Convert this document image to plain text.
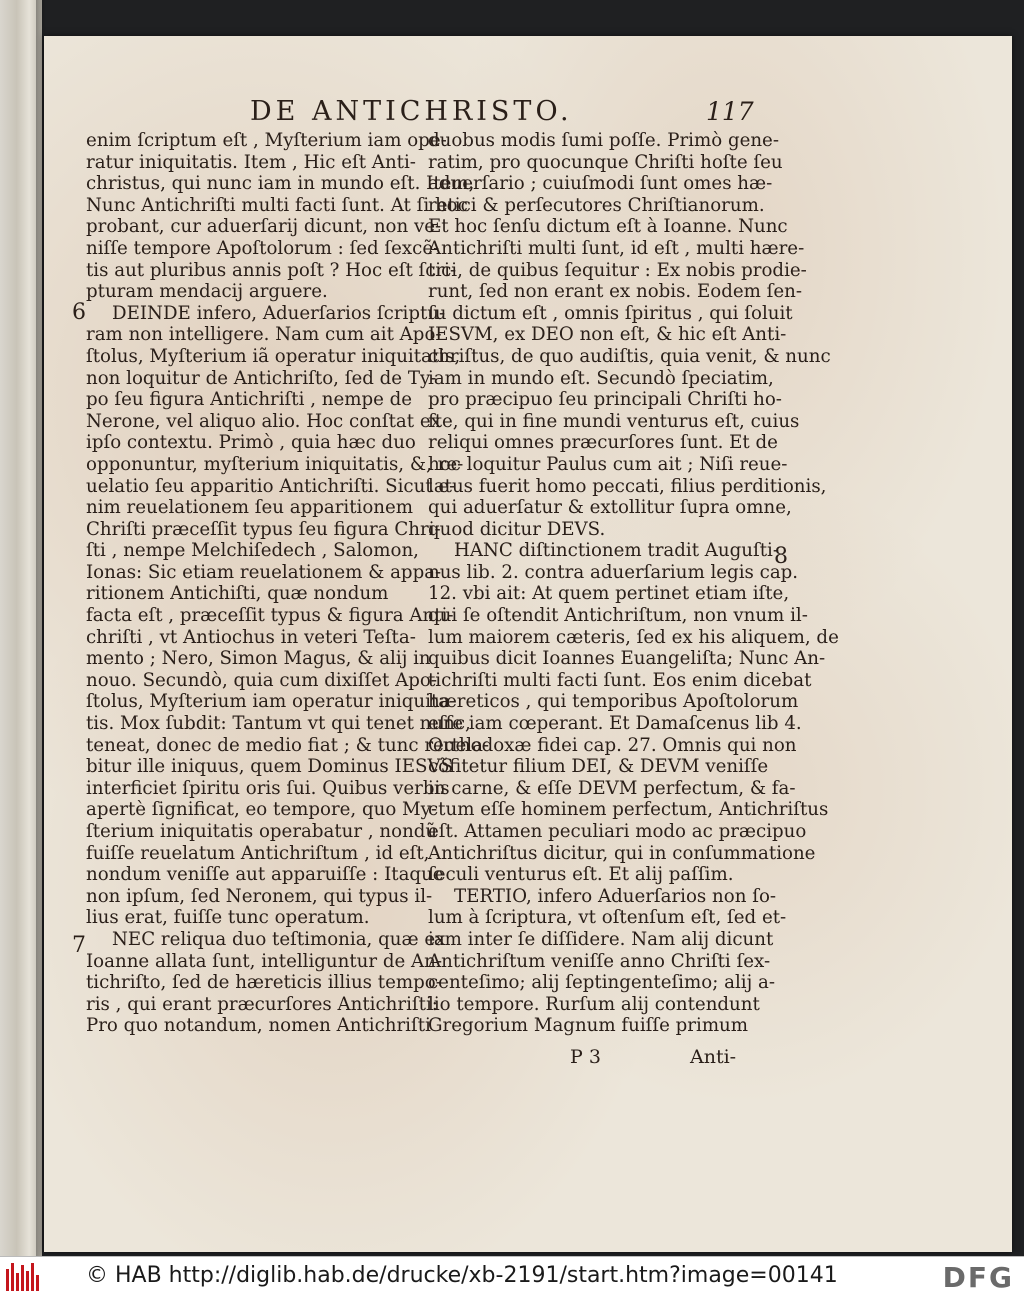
DE ANTICHRISTO.	117
enim ſcriptum eſt , Myſterium iam ope-
ratur iniquitatis. Item , Hic eſt Anti-
christus, qui nunc iam in mundo eſt. Item,
Nunc Antichriſti multi facti ſunt. At ſi hoc
probant, cur aduerſarij dicunt, non ve-
niſſe tempore Apoſtolorum : ſed ſexcẽ-
tis aut pluribus annis poſt ? Hoc eſt ſcri-
pturam mendacij arguere.
DEINDE infero, Aduerſarios ſcriptu-
ram non intelligere. Nam cum ait Apo-
ſtolus, Myſterium iã operatur iniquitatis,
non loquitur de Antichriſto, ſed de Ty-
po ſeu figura Antichriſti , nempe de
Nerone, vel aliquo alio. Hoc conſtat ex
ipſo contextu. Primò , quia hæc duo
opponuntur, myſterium iniquitatis, &, re-
uelatio ſeu apparitio Antichriſti. Sicut e-
nim reuelationem ſeu apparitionem
Chriſti præceſſit typus ſeu figura Chri-
ſti , nempe Melchiſedech , Salomon,
Ionas: Sic etiam reuelationem & appa-
ritionem Antichiſti, quæ nondum
facta eſt , præceſſit typus & figura Anti-
chriſti , vt Antiochus in veteri Teſta-
mento ; Nero, Simon Magus, & alij in
nouo. Secundò, quia cum dixiſſet Apo-
ſtolus, Myſterium iam operatur iniquita-
tis. Mox ſubdit: Tantum vt qui tenet nunc,
teneat, donec de medio fiat ; & tunc reuela-
bitur ille iniquus, quem Dominus IESVS
interficiet ſpiritu oris ſui. Quibus verbis
apertè ſignificat, eo tempore, quo My-
ſterium iniquitatis operabatur , nondũ
fuiſſe reuelatum Antichriſtum , id eſt,
nondum veniſſe aut apparuiſſe : Itaque
non ipſum, ſed Neronem, qui typus il-
lius erat, fuiſſe tunc operatum.
NEC reliqua duo teſtimonia, quæ ex
Ioanne allata ſunt, intelliguntur de An-
tichriſto, ſed de hæreticis illius tempo-
ris , qui erant præcurſores Antichriſti:
Pro quo notandum, nomen Antichriſti
duobus modis ſumi poſſe. Primò gene-
ratim, pro quocunque Chriſti hoſte ſeu
aduerſario ; cuiuſmodi ſunt omes hæ-
retici & perſecutores Chriſtianorum.
Et hoc ſenſu dictum eſt à Ioanne. Nunc
Antichriſti multi ſunt, id eſt , multi hære-
tici, de quibus ſequitur : Ex nobis prodie-
runt, ſed non erant ex nobis. Eodem ſen-
ſu dictum eſt , omnis ſpiritus , qui ſoluit
IESVM, ex DEO non eſt, & hic eſt Anti-
chriſtus, de quo audiſtis, quia venit, & nunc
iam in mundo eſt. Secundò ſpeciatim,
pro præcipuo ſeu principali Chriſti ho-
ſte, qui in fine mundi venturus eſt, cuius
reliqui omnes præcurſores ſunt. Et de
hoc loquitur Paulus cum ait ; Niſi reue-
latus fuerit homo peccati, filius perditionis,
qui aduerſatur & extollitur ſupra omne,
quod dicitur DEVS.
HANC diſtinctionem tradit Auguſti-
nus lib. 2. contra aduerſarium legis cap.
12. vbi ait: At quem pertinet etiam iſte,
qui ſe oſtendit Antichriſtum, non vnum il-
lum maiorem cæteris, ſed ex his aliquem, de
quibus dicit Ioannes Euangeliſta; Nunc An-
tichriſti multi facti ſunt. Eos enim dicebat
hæreticos , qui temporibus Apoſtolorum
eſſe iam cœperant. Et Damaſcenus lib 4.
Orthodoxæ fidei cap. 27. Omnis qui non
cõfitetur filium DEI, & DEVM veniſſe
in carne, & eſſe DEVM perfectum, & fa-
ctum eſſe hominem perfectum, Antichriſtus
eſt. Attamen peculiari modo ac præcipuo
Antichriſtus dicitur, qui in conſummatione
ſeculi venturus eſt. Et alij paſſim.
TERTIO, infero Aduerſarios non ſo-
lum à ſcriptura, vt oſtenſum eſt, ſed et-
iam inter ſe diſſidere. Nam alij dicunt
Antichriſtum veniſſe anno Chriſti ſex-
centeſimo; alij ſeptingenteſimo; alij a-
lio tempore. Rurſum alij contendunt
Gregorium Magnum fuiſſe primum
6
7
8
P 3	Anti-
© HAB http://diglib.hab.de/drucke/xb-2191/start.htm?image=00141	DFG
